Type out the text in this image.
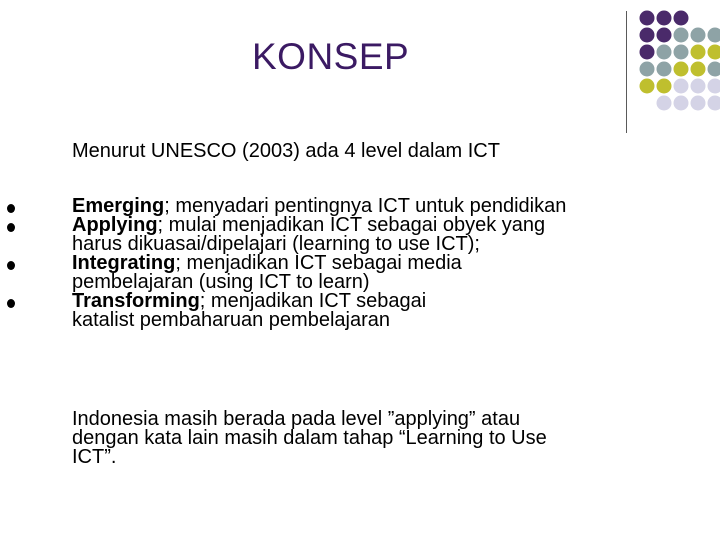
KONSEP
Menurut UNESCO (2003) ada 4 level dalam ICT
Emerging; menyadari pentingnya ICT untuk pendidikan
Applying; mulai menjadikan ICT sebagai obyek yang
harus dikuasai/dipelajari (learning to use ICT);
Integrating; menjadikan ICT sebagai media
pembelajaran (using ICT to learn)
Transforming; menjadikan ICT sebagai
katalist pembaharuan pembelajaran
Indonesia masih berada pada level ”applying” atau
dengan kata lain masih dalam tahap “Learning to Use
ICT”.
